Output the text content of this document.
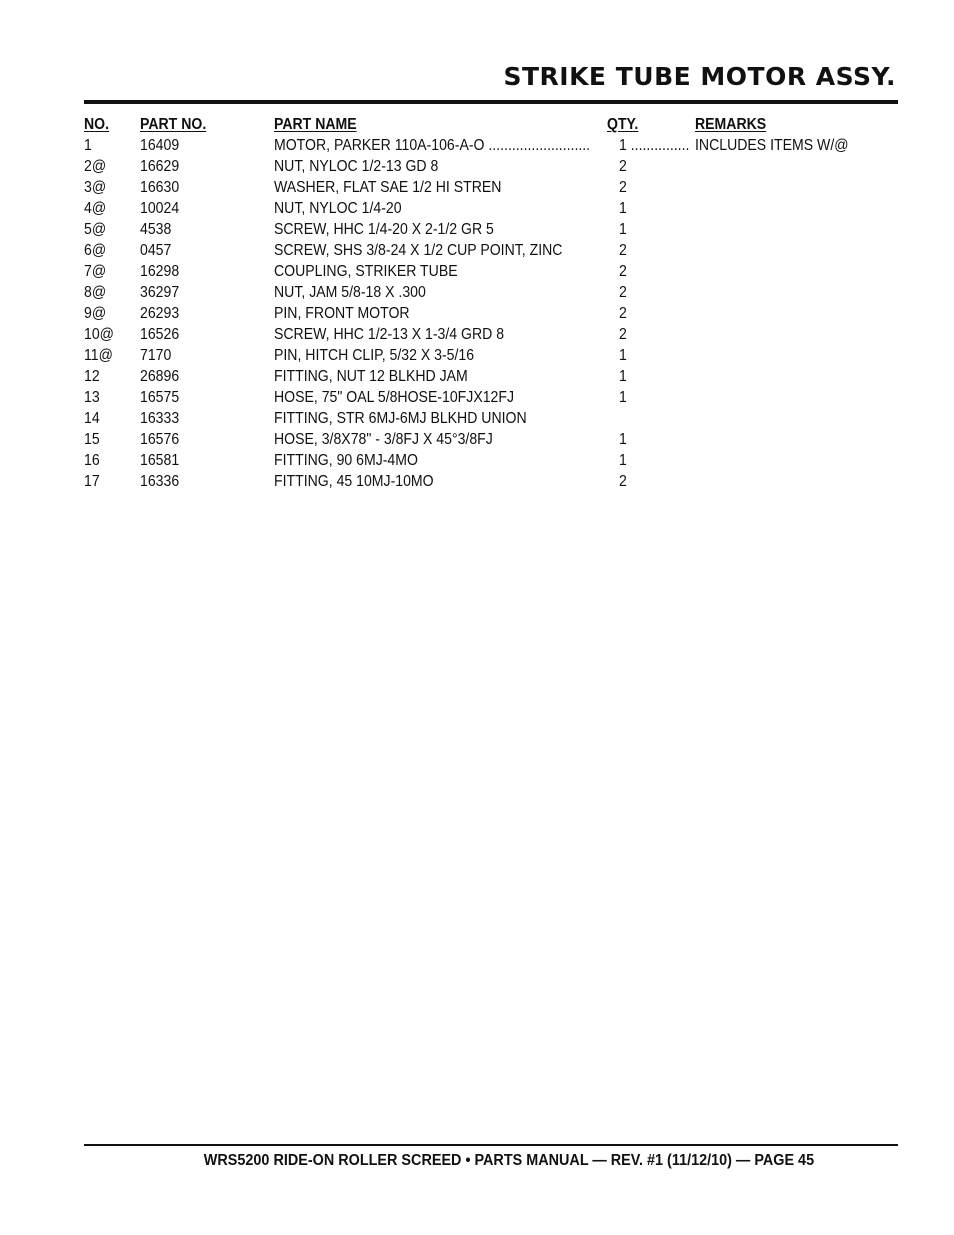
STRIKE TUBE MOTOR ASSY.
NO. PART NO.	PART NAME	QTY.	REMARKS
1	16409	MOTOR, PARKER 110A-106-A-O .......................... 1 ............... INCLUDES ITEMS W/@
2@ 16629	NUT, NYLOC 1/2-13 GD 8	2
3@ 16630	WASHER, FLAT SAE 1/2 HI STREN	2
4@ 10024	NUT, NYLOC 1/4-20	1
5@ 4538	SCREW, HHC 1/4-20 X 2-1/2 GR 5	1
6@ 0457	SCREW, SHS 3/8-24 X 1/2 CUP POINT, ZINC	2
7@ 16298	COUPLING, STRIKER TUBE	2
8@ 36297	NUT, JAM 5/8-18 X .300	2
9@ 26293	PIN, FRONT MOTOR	2
10@ 16526	SCREW, HHC 1/2-13 X 1-3/4 GRD 8	2
11@ 7170	PIN, HITCH CLIP, 5/32 X 3-5/16	1
12	26896	FITTING, NUT 12 BLKHD JAM	1
13	16575	HOSE, 75" OAL 5/8HOSE-10FJX12FJ	1
14	16333	FITTING, STR 6MJ-6MJ BLKHD UNION
15	16576	HOSE, 3/8X78" - 3/8FJ X 45°3/8FJ	1
16	16581	FITTING, 90 6MJ-4MO	1
17	16336	FITTING, 45 10MJ-10MO	2
WRS5200 RIDE-ON ROLLER SCREED • PARTS MANUAL — REV. #1 (11/12/10) — PAGE 45
